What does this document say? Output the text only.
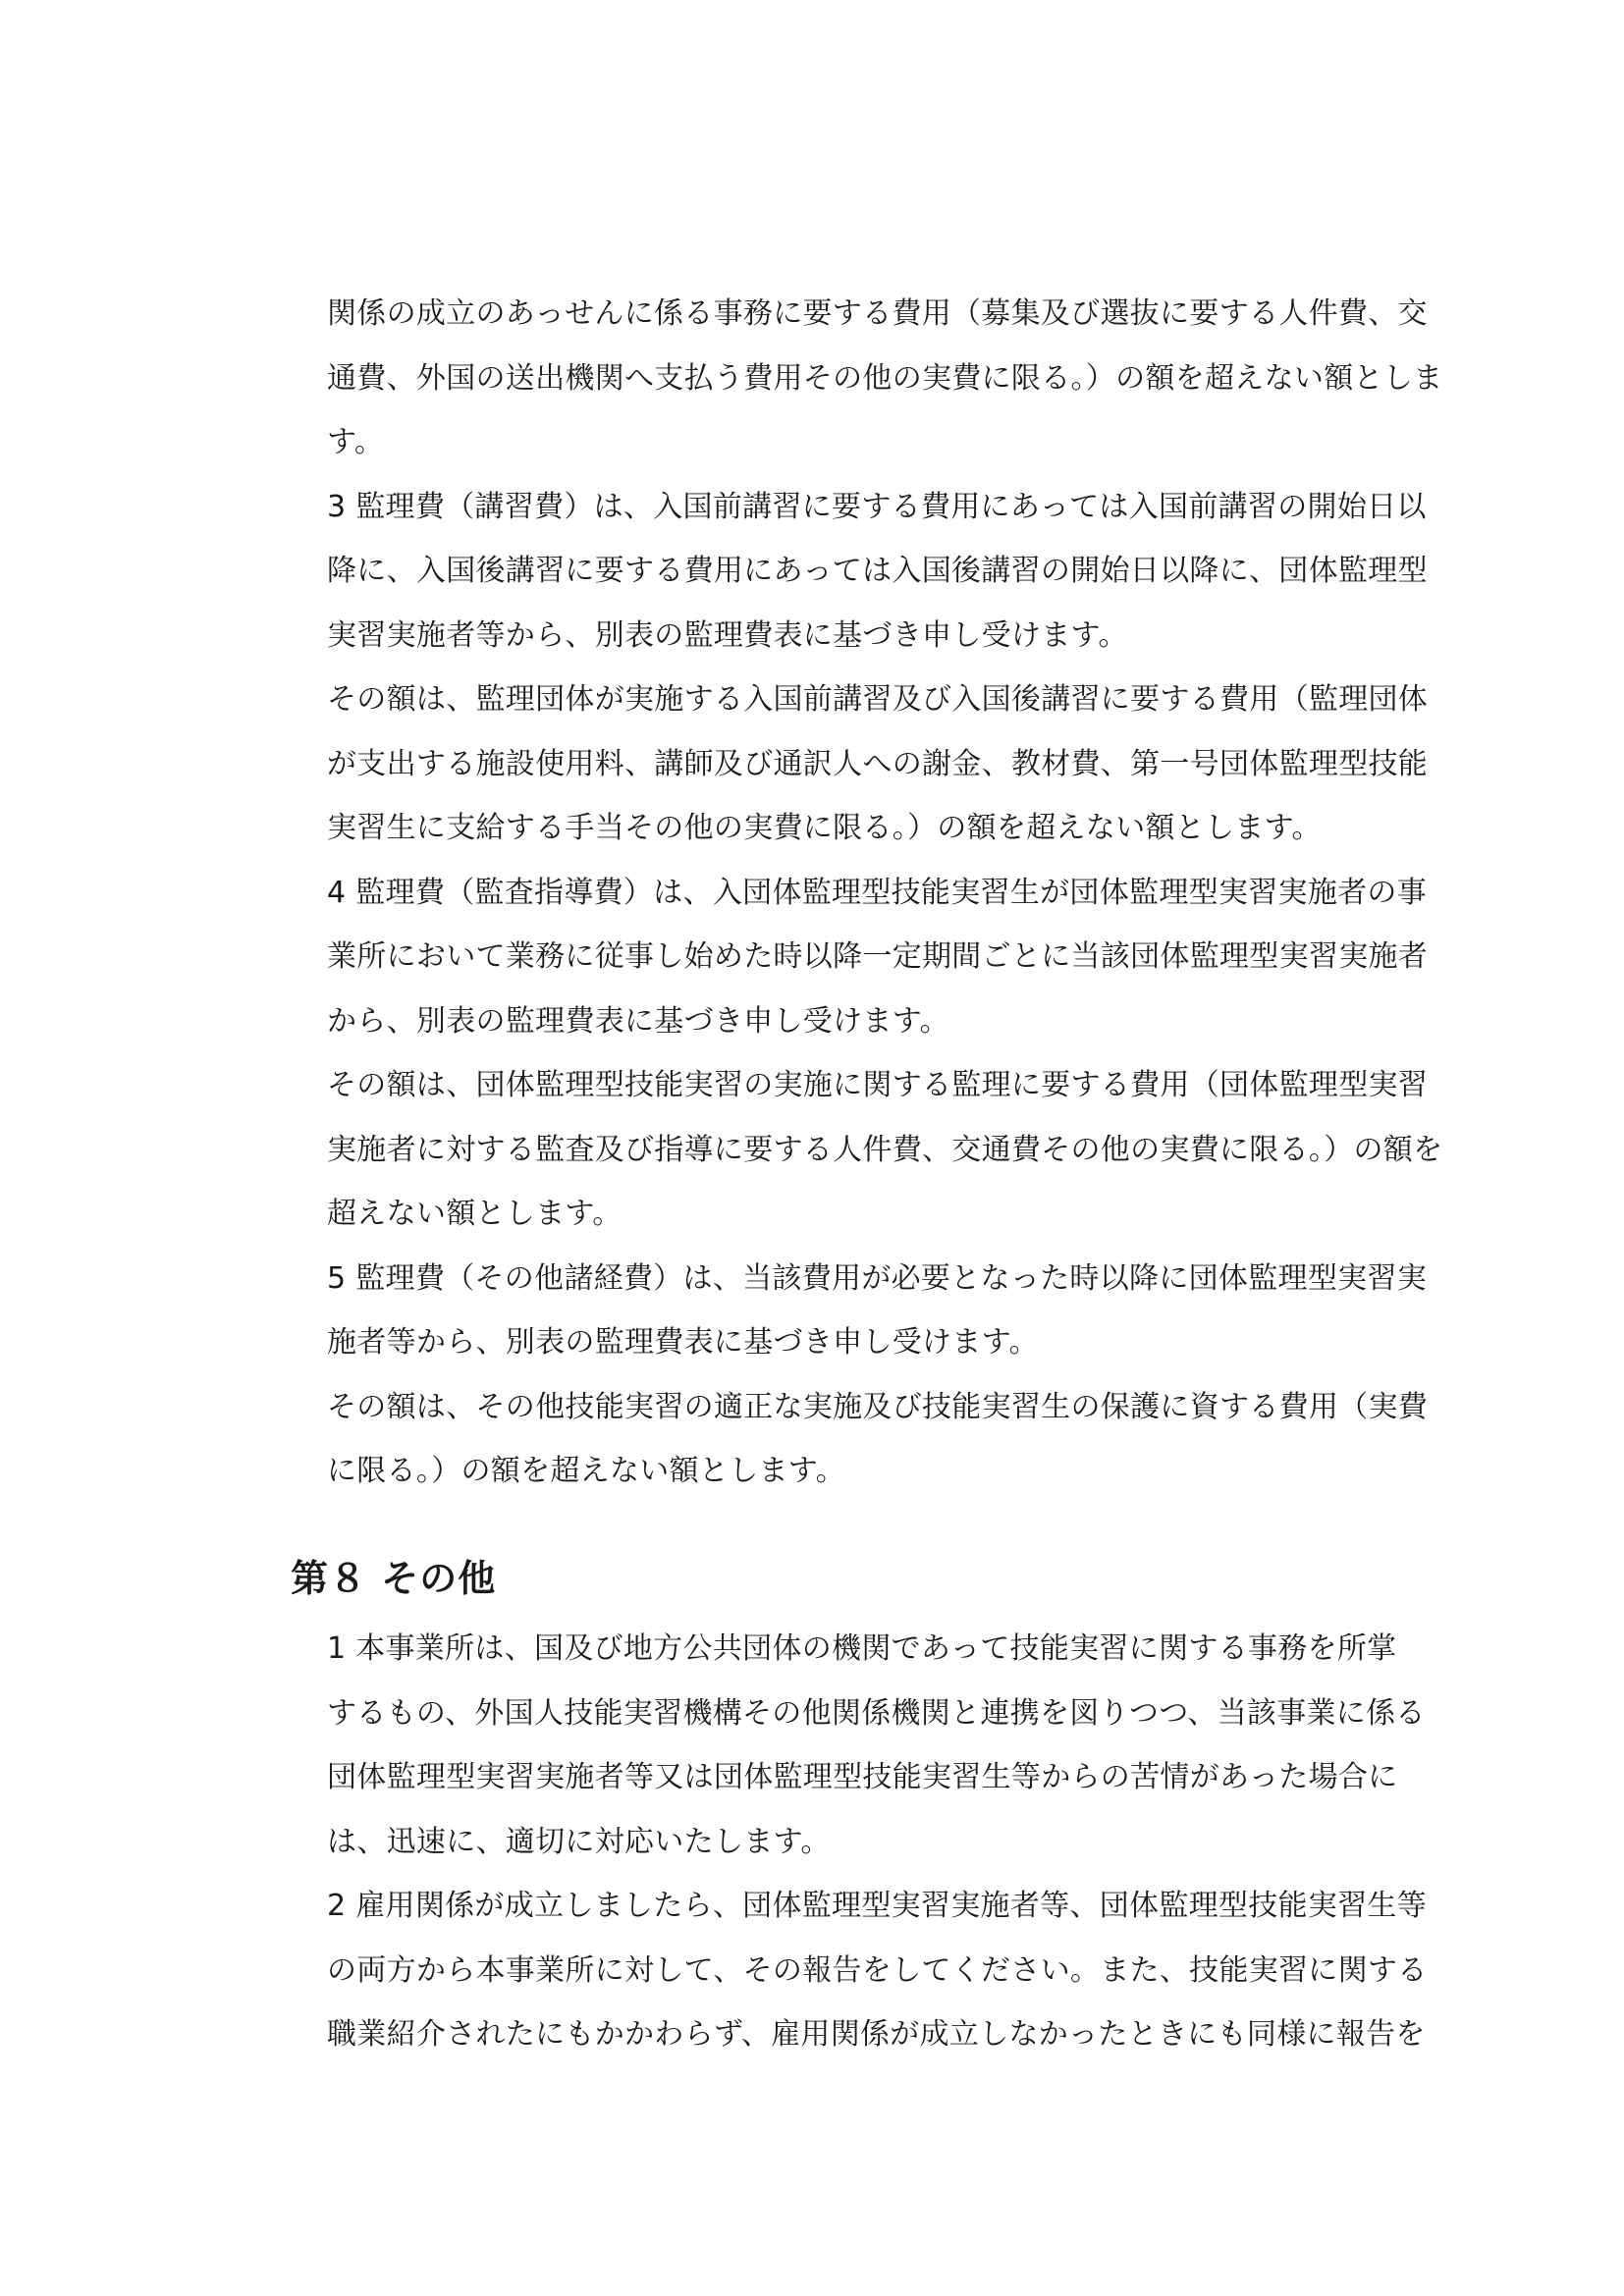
関係の成立のあっせんに係る事務に要する費用（募集及び選抜に要する人件費、交
通費、外国の送出機関へ支払う費用その他の実費に限る。）の額を超えない額としま
す。
3 監理費（講習費）は、入国前講習に要する費用にあっては入国前講習の開始日以
降に、入国後講習に要する費用にあっては入国後講習の開始日以降に、団体監理型
実習実施者等から、別表の監理費表に基づき申し受けます。
その額は、監理団体が実施する入国前講習及び入国後講習に要する費用（監理団体
が支出する施設使用料、講師及び通訳人への謝金、教材費、第一号団体監理型技能
実習生に支給する手当その他の実費に限る。）の額を超えない額とします。
4 監理費（監査指導費）は、入団体監理型技能実習生が団体監理型実習実施者の事
業所において業務に従事し始めた時以降一定期間ごとに当該団体監理型実習実施者
から、別表の監理費表に基づき申し受けます。
その額は、団体監理型技能実習の実施に関する監理に要する費用（団体監理型実習
実施者に対する監査及び指導に要する人件費、交通費その他の実費に限る。）の額を
超えない額とします。
5 監理費（その他諸経費）は、当該費用が必要となった時以降に団体監理型実習実
施者等から、別表の監理費表に基づき申し受けます。
その額は、その他技能実習の適正な実施及び技能実習生の保護に資する費用（実費
に限る。）の額を超えない額とします。
第８ その他
1 本事業所は、国及び地方公共団体の機関であって技能実習に関する事務を所掌
するもの、外国人技能実習機構その他関係機関と連携を図りつつ、当該事業に係る
団体監理型実習実施者等又は団体監理型技能実習生等からの苦情があった場合に
は、迅速に、適切に対応いたします。
2 雇用関係が成立しましたら、団体監理型実習実施者等、団体監理型技能実習生等
の両方から本事業所に対して、その報告をしてください。また、技能実習に関する
職業紹介されたにもかかわらず、雇用関係が成立しなかったときにも同様に報告を
